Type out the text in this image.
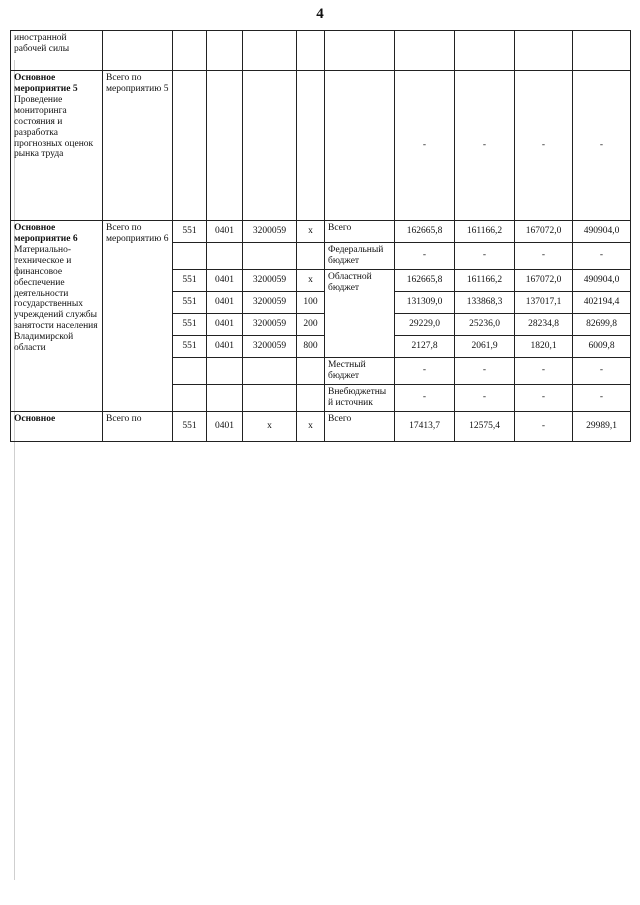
4
иностранной рабочей силы										
Основное мероприятие 5 Проведение мониторинга состояния и разработка прогнозных оценок рынка труда	Всего по мероприятию 5						-	-	-	-
Основное мероприятие 6 Материально-техническое и финансовое обеспечение деятельности государственных учреждений службы занятости населения Владимирской области	Всего по мероприятию 6	551	0401	3200059	х	Всего	162665,8	161166,2	167072,0	490904,0
						Федеральный бюджет	-	-	-	-
		551	0401	3200059	х	Областной бюджет	162665,8	161166,2	167072,0	490904,0
		551	0401	3200059	100		131309,0	133868,3	137017,1	402194,4
		551	0401	3200059	200		29229,0	25236,0	28234,8	82699,8
		551	0401	3200059	800		2127,8	2061,9	1820,1	6009,8
						Местный бюджет	-	-	-	-
						Внебюджетный источник	-	-	-	-
Основное	Всего по	551	0401	х	х	Всего	17413,7	12575,4	-	29989,1
